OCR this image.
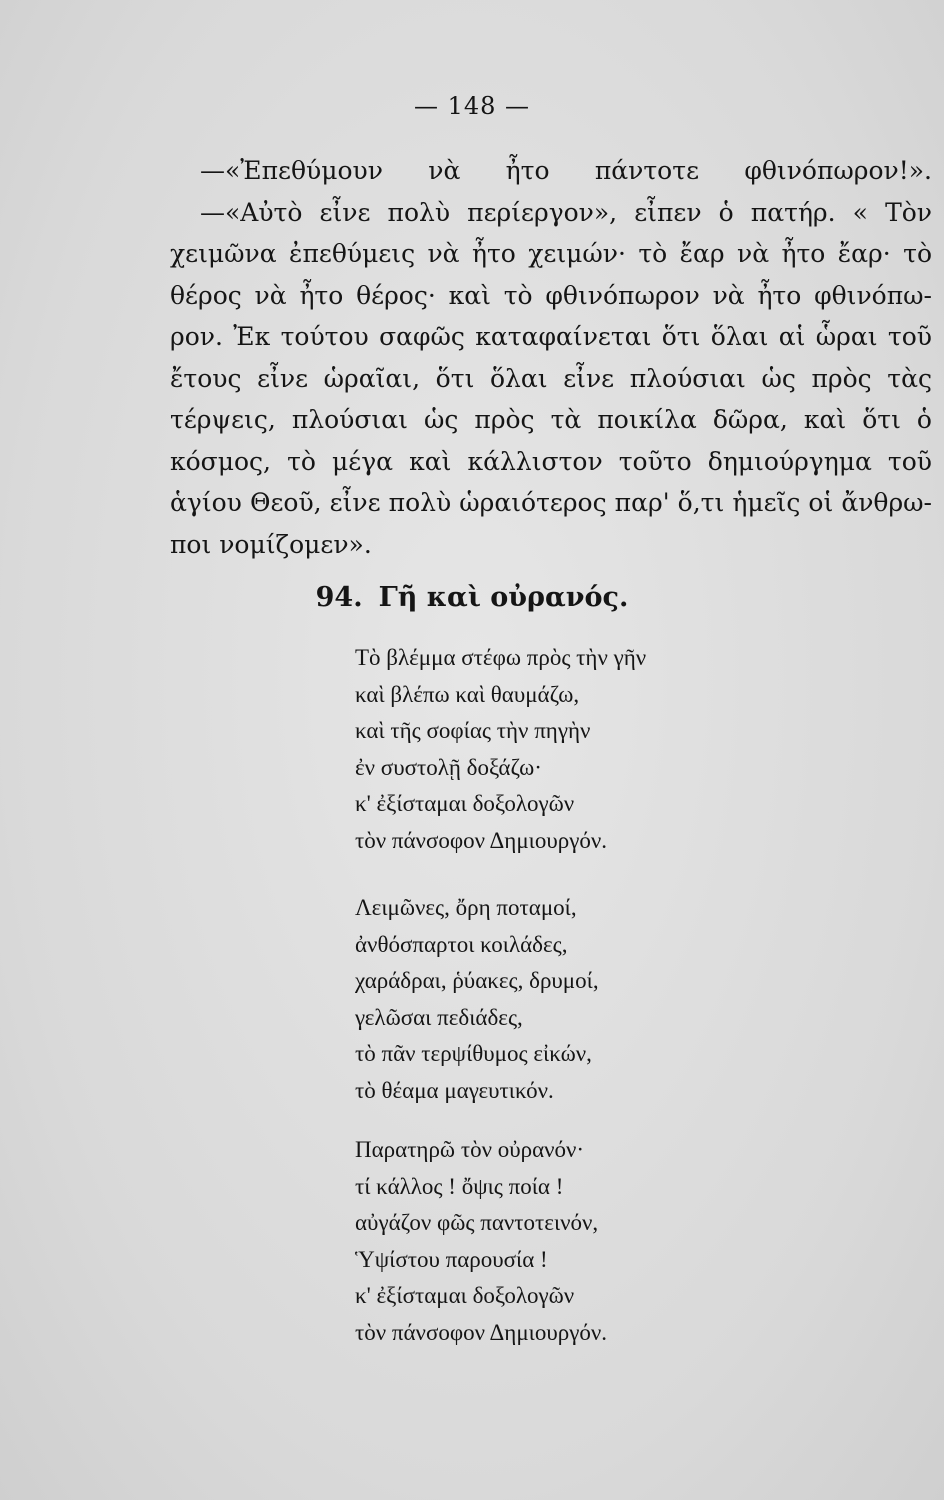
— 148 —
—«Ἐπεθύμουν νὰ ἦτο πάντοτε φθινόπωρον!».
—«Αὐτὸ εἶνε πολὺ περίεργον», εἶπεν ὁ πατήρ. « Τὸν
χειμῶνα ἐπεθύμεις νὰ ἦτο χειμών· τὸ ἔαρ νὰ ἦτο ἔαρ· τὸ
θέρος νὰ ἦτο θέρος· καὶ τὸ φθινόπωρον νὰ ἦτο φθινόπω-
ρον. Ἐκ τούτου σαφῶς καταφαίνεται ὅτι ὅλαι αἱ ὧραι τοῦ
ἔτους εἶνε ὡραῖαι, ὅτι ὅλαι εἶνε πλούσιαι ὡς πρὸς τὰς
τέρψεις, πλούσιαι ὡς πρὸς τὰ ποικίλα δῶρα, καὶ ὅτι ὁ
κόσμος, τὸ μέγα καὶ κάλλιστον τοῦτο δημιούργημα τοῦ
ἁγίου Θεοῦ, εἶνε πολὺ ὡραιότερος παρ' ὅ,τι ἡμεῖς οἱ ἄνθρω-
ποι νομίζομεν».
94. Γῆ καὶ οὐρανός.
Τὸ βλέμμα στέφω πρὸς τὴν γῆν
καὶ βλέπω καὶ θαυμάζω,
καὶ τῆς σοφίας τὴν πηγὴν
ἐν συστολῇ δοξάζω·
κ' ἐξίσταμαι δοξολογῶν
τὸν πάνσοφον Δημιουργόν.
Λειμῶνες, ὄρη ποταμοί,
ἀνθόσπαρτοι κοιλάδες,
χαράδραι, ῥύακες, δρυμοί,
γελῶσαι πεδιάδες,
τὸ πᾶν τερψίθυμος εἰκών,
τὸ θέαμα μαγευτικόν.
Παρατηρῶ τὸν οὐρανόν·
τί κάλλος ! ὄψις ποία !
αὐγάζον φῶς παντοτεινόν,
Ὑψίστου παρουσία !
κ' ἐξίσταμαι δοξολογῶν
τὸν πάνσοφον Δημιουργόν.
